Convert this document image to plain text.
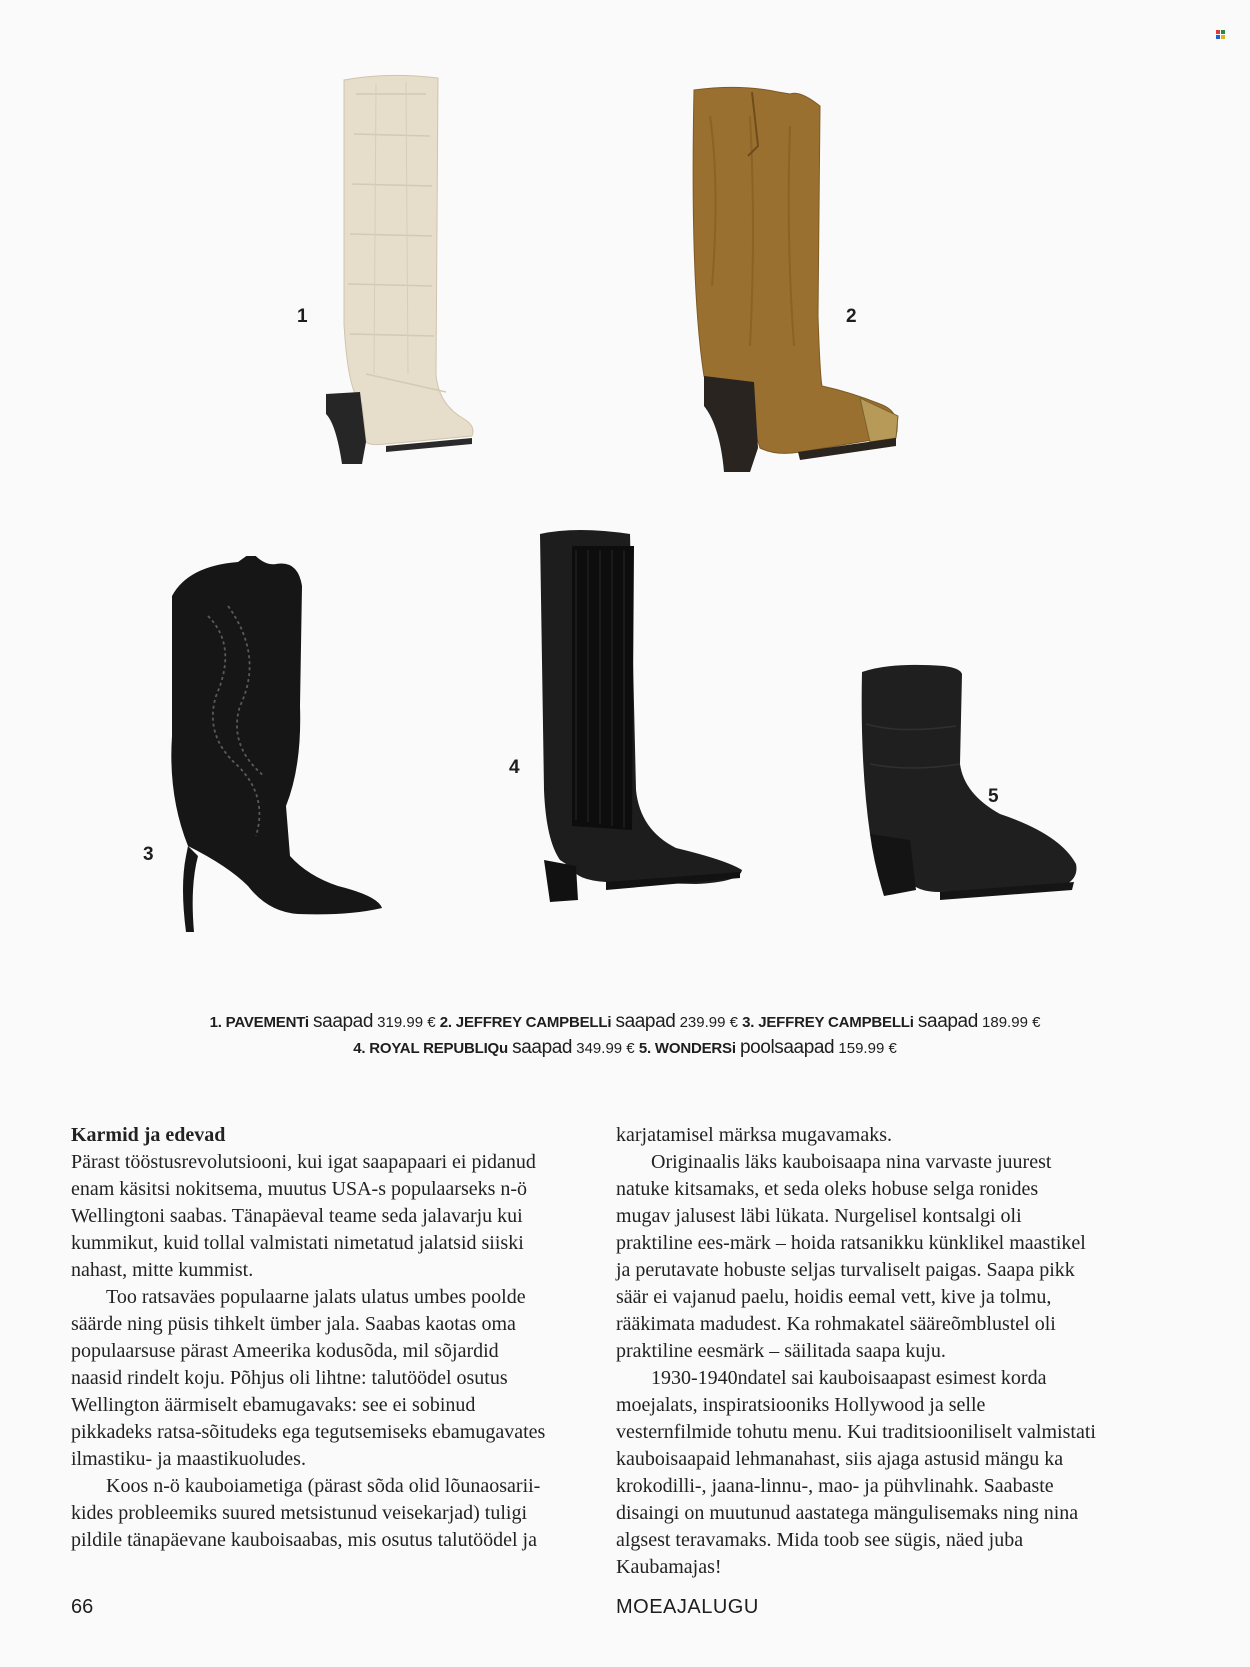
1	2
3
4
5
1. PAVEMENTi saapad 319.99 € 2. JEFFREY CAMPBELLi saapad 239.99 € 3. JEFFREY CAMPBELLi saapad 189.99 €
4. ROYAL REPUBLIQu saapad 349.99 € 5. WONDERSi poolsaapad 159.99 €
Karmid ja edevad

Pärast tööstusrevolutsiooni, kui igat saapapaari ei pidanud enam käsitsi nokitsema, muutus USA-s populaarseks n-ö Wellingtoni saabas. Tänapäeval teame seda jalavarju kui kummikut, kuid tollal valmistati nimetatud jalatsid siiski nahast, mitte kummist.

Too ratsaväes populaarne jalats ulatus umbes poolde säärde ning püsis tihkelt ümber jala. Saabas kaotas oma populaarsuse pärast Ameerika kodusõda, mil sõjardid naasid rindelt koju. Põhjus oli lihtne: talutöödel osutus Wellington äärmiselt ebamugavaks: see ei sobinud pikkadeks ratsa-sõitudeks ega tegutsemiseks ebamugavates ilmastiku- ja maastikuoludes.

Koos n-ö kauboiametiga (pärast sõda olid lõunaosarii-kides probleemiks suured metsistunud veisekarjad) tuligi pildile tänapäevane kauboisaabas, mis osutus talutöödel ja

karjatamisel märksa mugavamaks.

Originaalis läks kauboisaapa nina varvaste juurest natuke kitsamaks, et seda oleks hobuse selga ronides mugav jalusest läbi lükata. Nurgelisel kontsalgi oli praktiline ees-märk – hoida ratsanikku künklikel maastikel ja perutavate hobuste seljas turvaliselt paigas. Saapa pikk säär ei vajanud paelu, hoidis eemal vett, kive ja tolmu, rääkimata madudest. Ka rohmakatel sääreõmblustel oli praktiline eesmärk – säilitada saapa kuju.

1930-1940ndatel sai kauboisaapast esimest korda moejalats, inspiratsiooniks Hollywood ja selle vesternfilmide tohutu menu. Kui traditsiooniliselt valmistati kauboisaapaid lehmanahast, siis ajaga astusid mängu ka krokodilli-, jaana-linnu-, mao- ja pühvlinahk. Saabaste disaingi on muutunud aastatega mängulisemaks ning nina algsest teravamaks. Mida toob see sügis, näed juba Kaubamajas!

66	MOEAJALUGU
